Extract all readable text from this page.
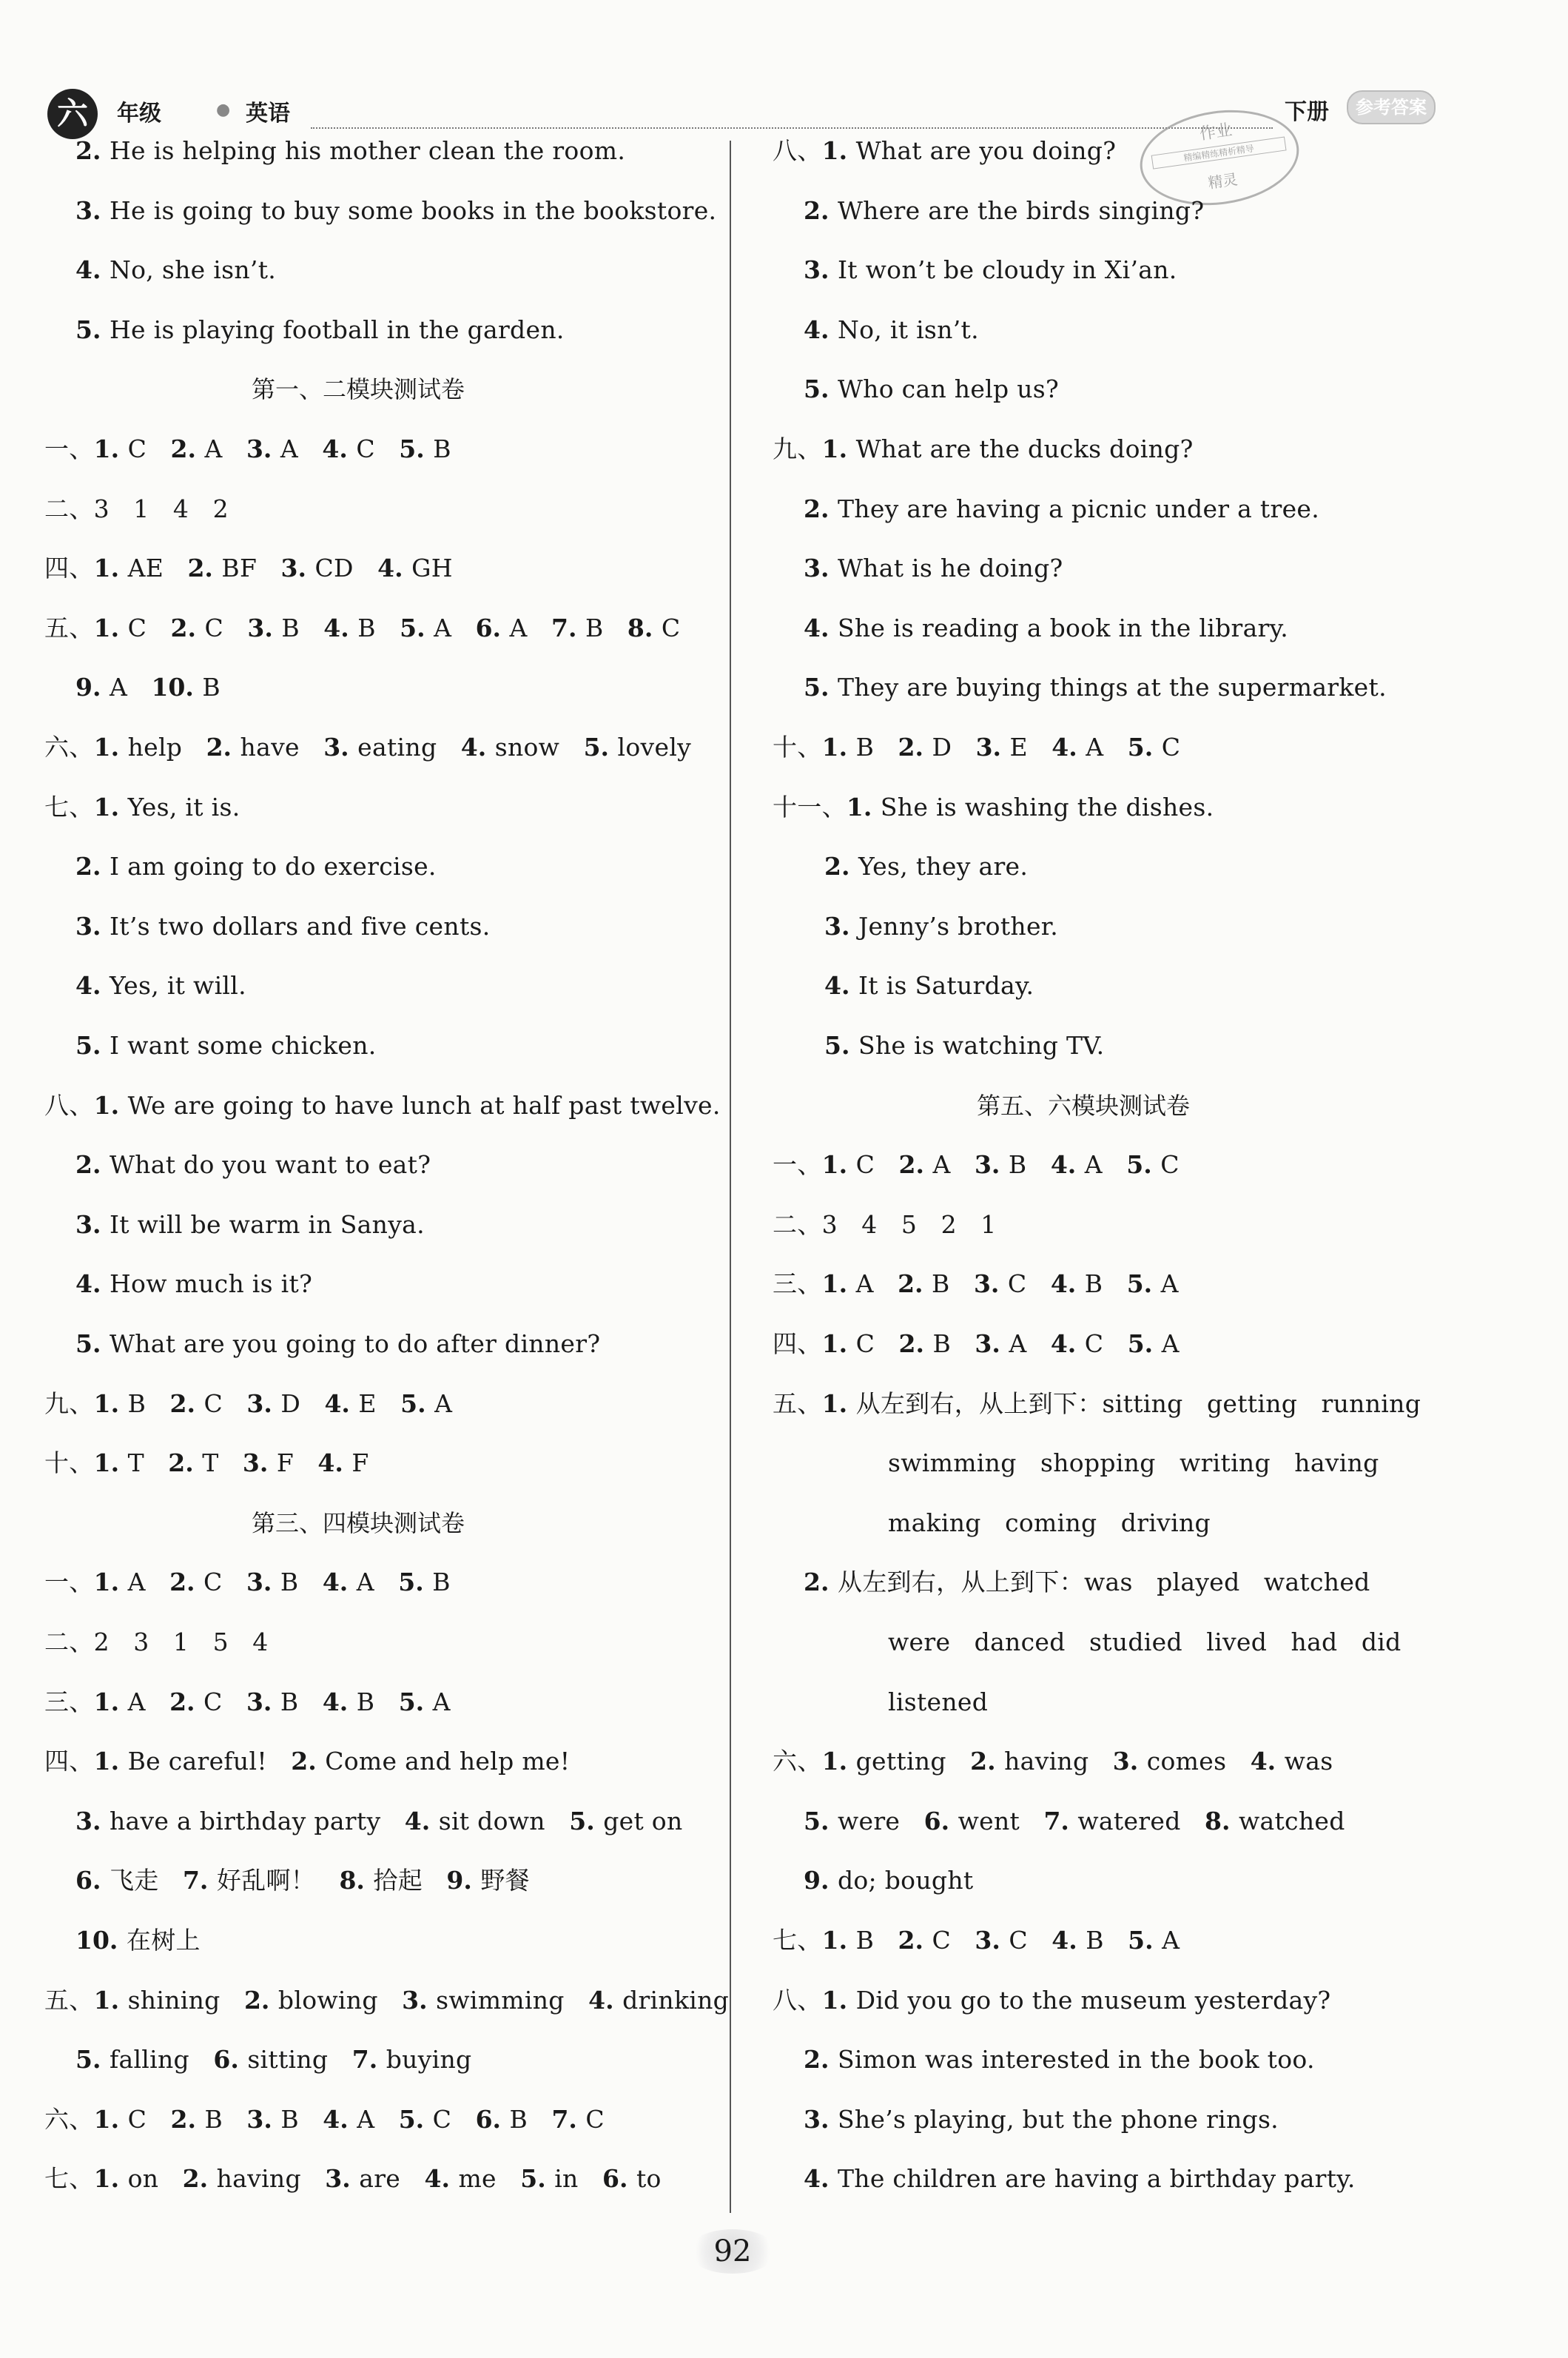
六	年级	● 英语	下册	参考答案
作业
精编精练精析精导
精灵
2. He is helping his mother clean the room.
3. He is going to buy some books in the bookstore.
4. No, she isn’t.
5. He is playing football in the garden.
第一、二模块测试卷
一、1. C   2. A   3. A   4. C   5. B
二、3   1   4   2
四、1. AE   2. BF   3. CD   4. GH
五、1. C   2. C   3. B   4. B   5. A   6. A   7. B   8. C
9. A   10. B
六、1. help   2. have   3. eating   4. snow   5. lovely
七、1. Yes, it is.
2. I am going to do exercise.
3. It’s two dollars and five cents.
4. Yes, it will.
5. I want some chicken.
八、1. We are going to have lunch at half past twelve.
2. What do you want to eat?
3. It will be warm in Sanya.
4. How much is it?
5. What are you going to do after dinner?
九、1. B   2. C   3. D   4. E   5. A
十、1. T   2. T   3. F   4. F
第三、四模块测试卷
一、1. A   2. C   3. B   4. A   5. B
二、2   3   1   5   4
三、1. A   2. C   3. B   4. B   5. A
四、1. Be careful!   2. Come and help me!
3. have a birthday party   4. sit down   5. get on
6. 飞走   7. 好乱啊！   8. 拾起   9. 野餐
10. 在树上
五、1. shining   2. blowing   3. swimming   4. drinking
5. falling   6. sitting   7. buying
六、1. C   2. B   3. B   4. A   5. C   6. B   7. C
七、1. on   2. having   3. are   4. me   5. in   6. to
八、1. What are you doing?
2. Where are the birds singing?
3. It won’t be cloudy in Xi’an.
4. No, it isn’t.
5. Who can help us?
九、1. What are the ducks doing?
2. They are having a picnic under a tree.
3. What is he doing?
4. She is reading a book in the library.
5. They are buying things at the supermarket.
十、1. B   2. D   3. E   4. A   5. C
十一、1. She is washing the dishes.
2. Yes, they are.
3. Jenny’s brother.
4. It is Saturday.
5. She is watching TV.
第五、六模块测试卷
一、1. C   2. A   3. B   4. A   5. C
二、3   4   5   2   1
三、1. A   2. B   3. C   4. B   5. A
四、1. C   2. B   3. A   4. C   5. A
五、1. 从左到右，从上到下：sitting   getting   running
swimming   shopping   writing   having
making   coming   driving
2. 从左到右，从上到下：was   played   watched
were   danced   studied   lived   had   did
listened
六、1. getting   2. having   3. comes   4. was
5. were   6. went   7. watered   8. watched
9. do; bought
七、1. B   2. C   3. C   4. B   5. A
八、1. Did you go to the museum yesterday?
2. Simon was interested in the book too.
3. She’s playing, but the phone rings.
4. The children are having a birthday party.
92
